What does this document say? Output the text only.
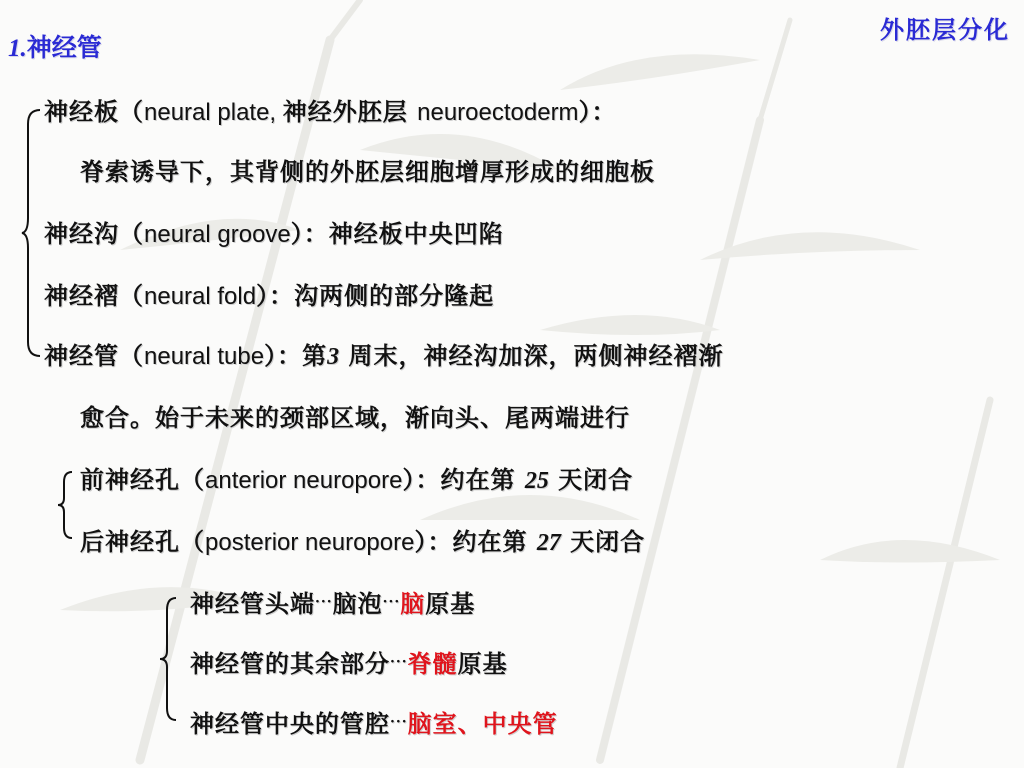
外胚层分化
1.神经管
神经板（neural plate, 神经外胚层 neuroectoderm）：
脊索诱导下，其背侧的外胚层细胞增厚形成的细胞板
神经沟（neural groove）：神经板中央凹陷
神经褶（neural fold）：沟两侧的部分隆起
神经管（neural tube）：第3 周末，神经沟加深，两侧神经褶渐
愈合。始于未来的颈部区域，渐向头、尾两端进行
前神经孔（anterior neuropore）：约在第 25 天闭合
后神经孔（posterior neuropore）：约在第 27 天闭合
神经管头端···脑泡···脑原基
神经管的其余部分···脊髓原基
神经管中央的管腔···脑室、中央管
